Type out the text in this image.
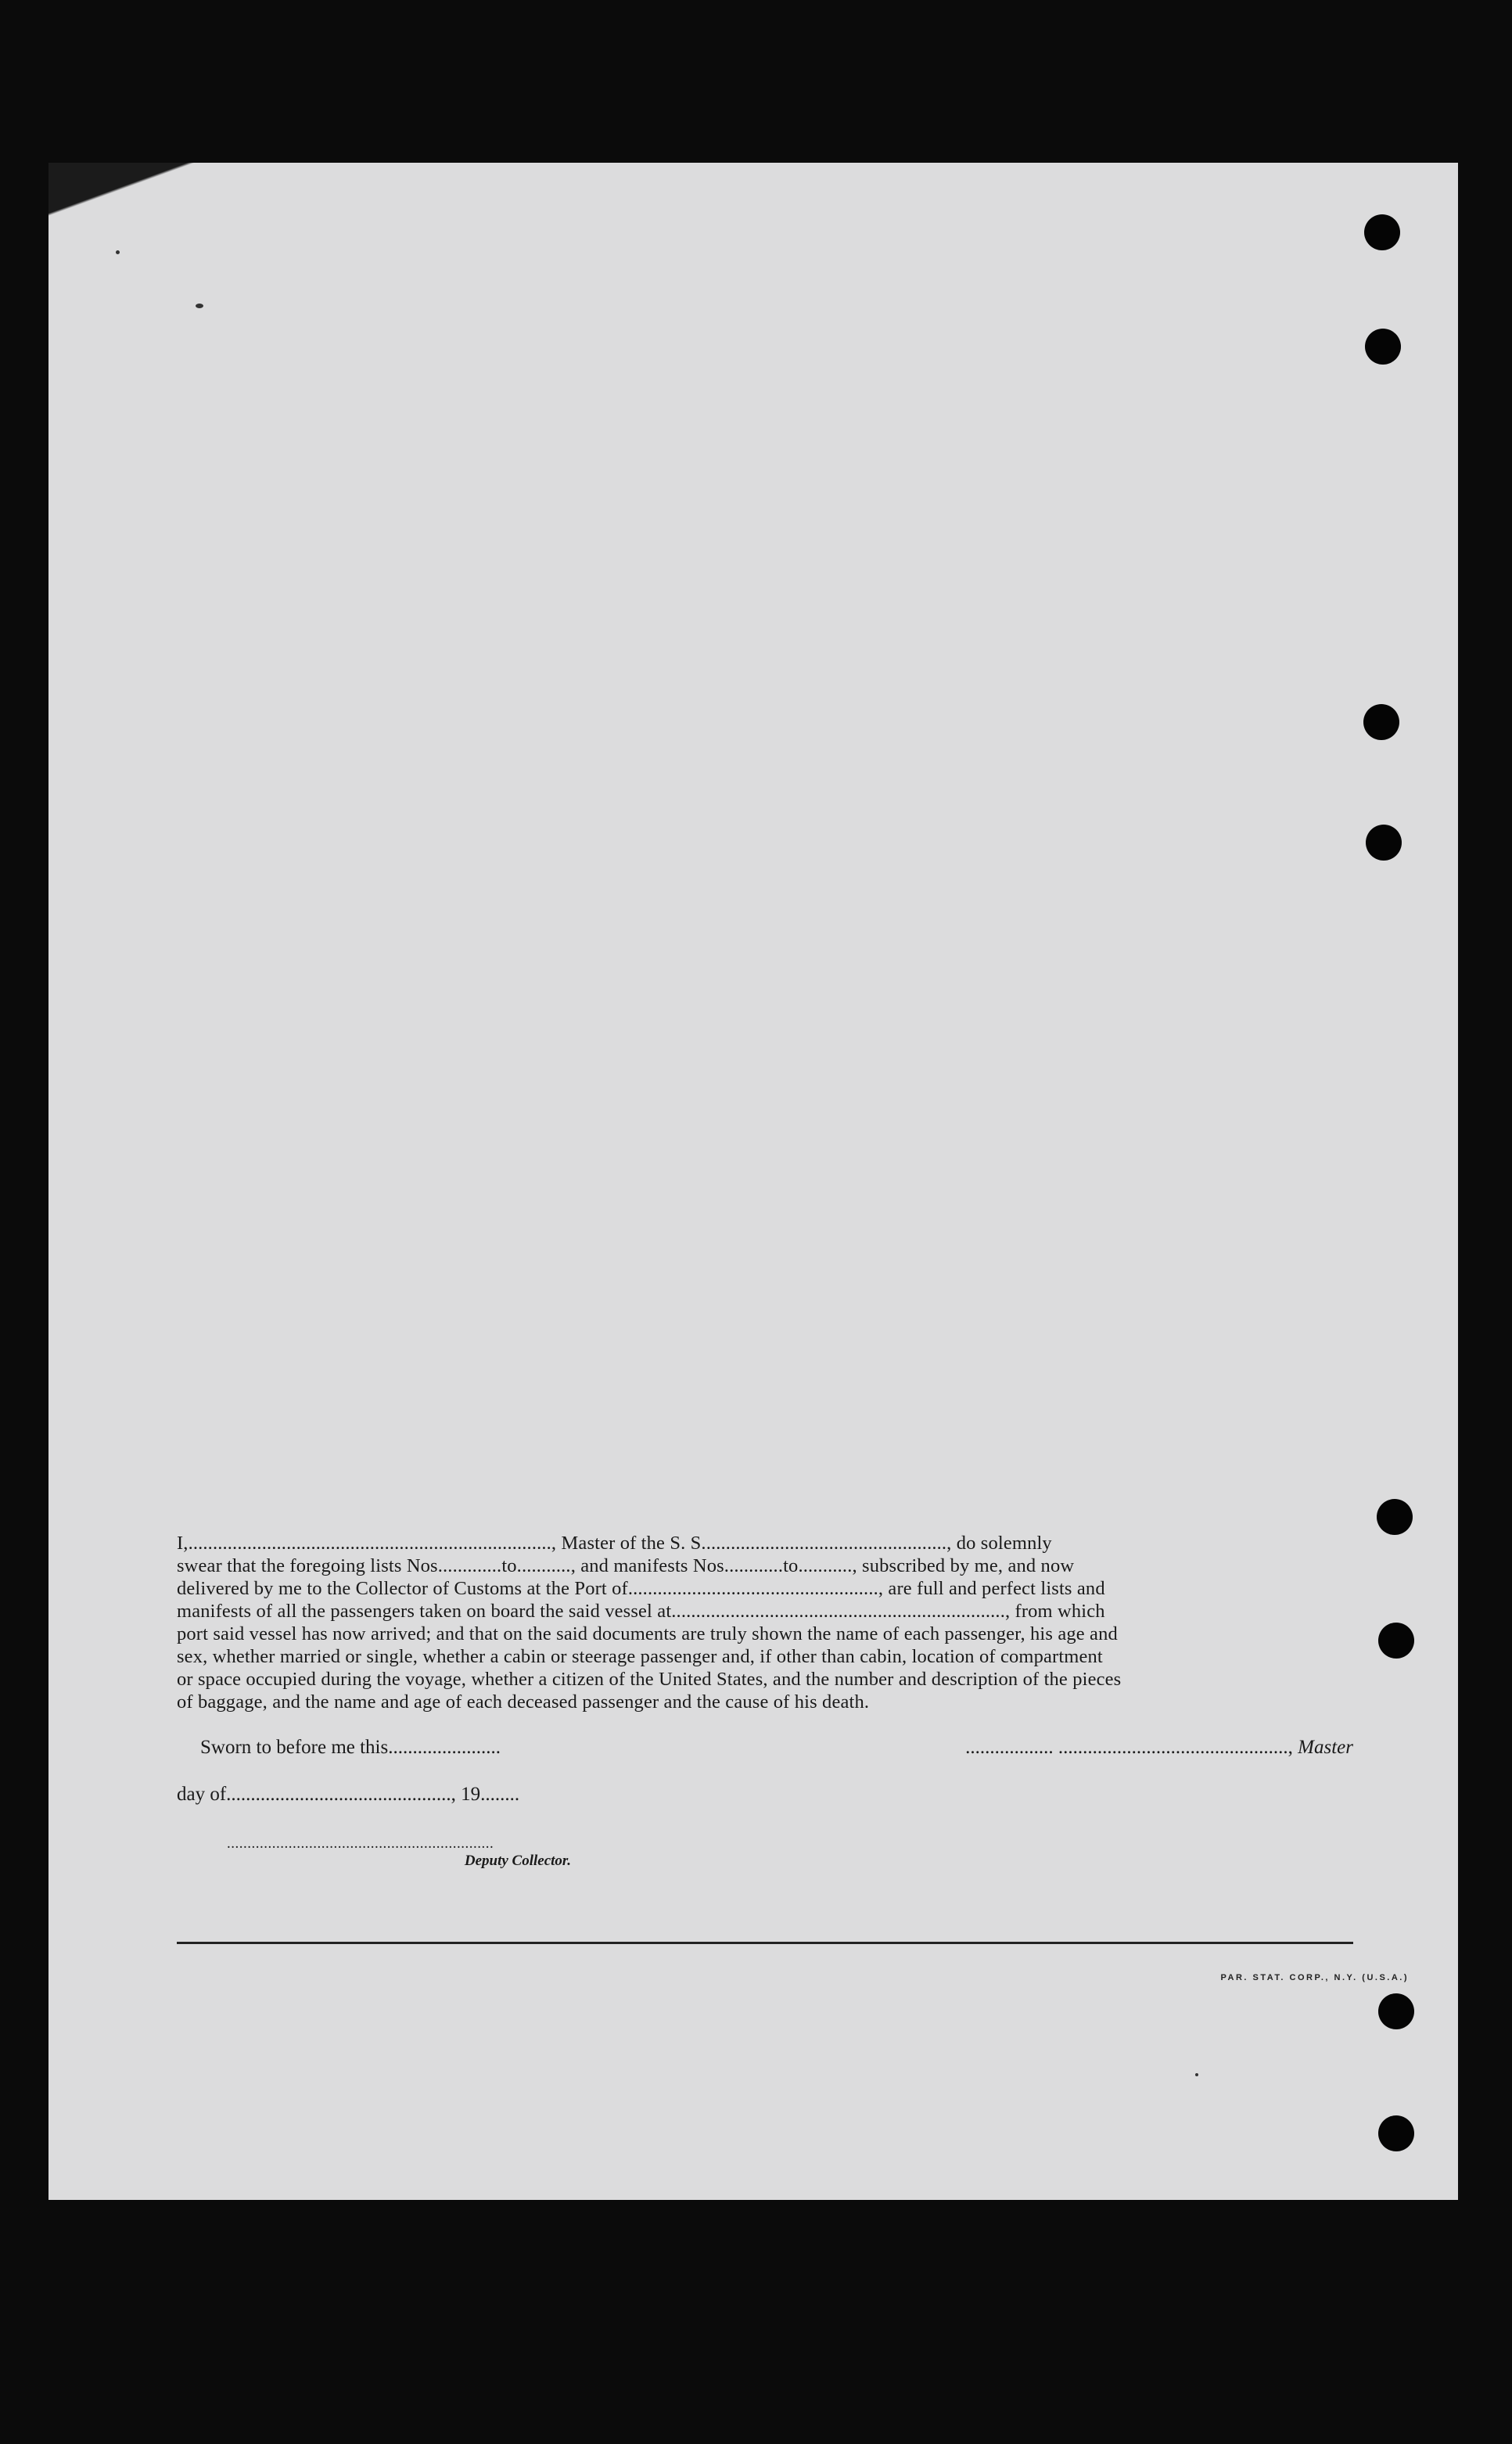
I,.........................................................................., Master of the S. S.................................................., do solemnly
swear that the foregoing lists Nos.............to..........., and manifests Nos............to..........., subscribed by me, and now
delivered by me to the Collector of Customs at the Port of..................................................., are full and perfect lists and
manifests of all the passengers taken on board the said vessel at...................................................................., from which
port said vessel has now arrived; and that on the said documents are truly shown the name of each passenger, his age and
sex, whether married or single, whether a cabin or steerage passenger and, if other than cabin, location of compartment
or space occupied during the voyage, whether a citizen of the United States, and the number and description of the pieces
of baggage, and the name and age of each deceased passenger and the cause of his death.
Sworn to before me this.......................	.................. ..............................................., Master
day of.............................................., 19........
.................................................................
Deputy Collector.
PAR. STAT. CORP., N.Y. (U.S.A.)
